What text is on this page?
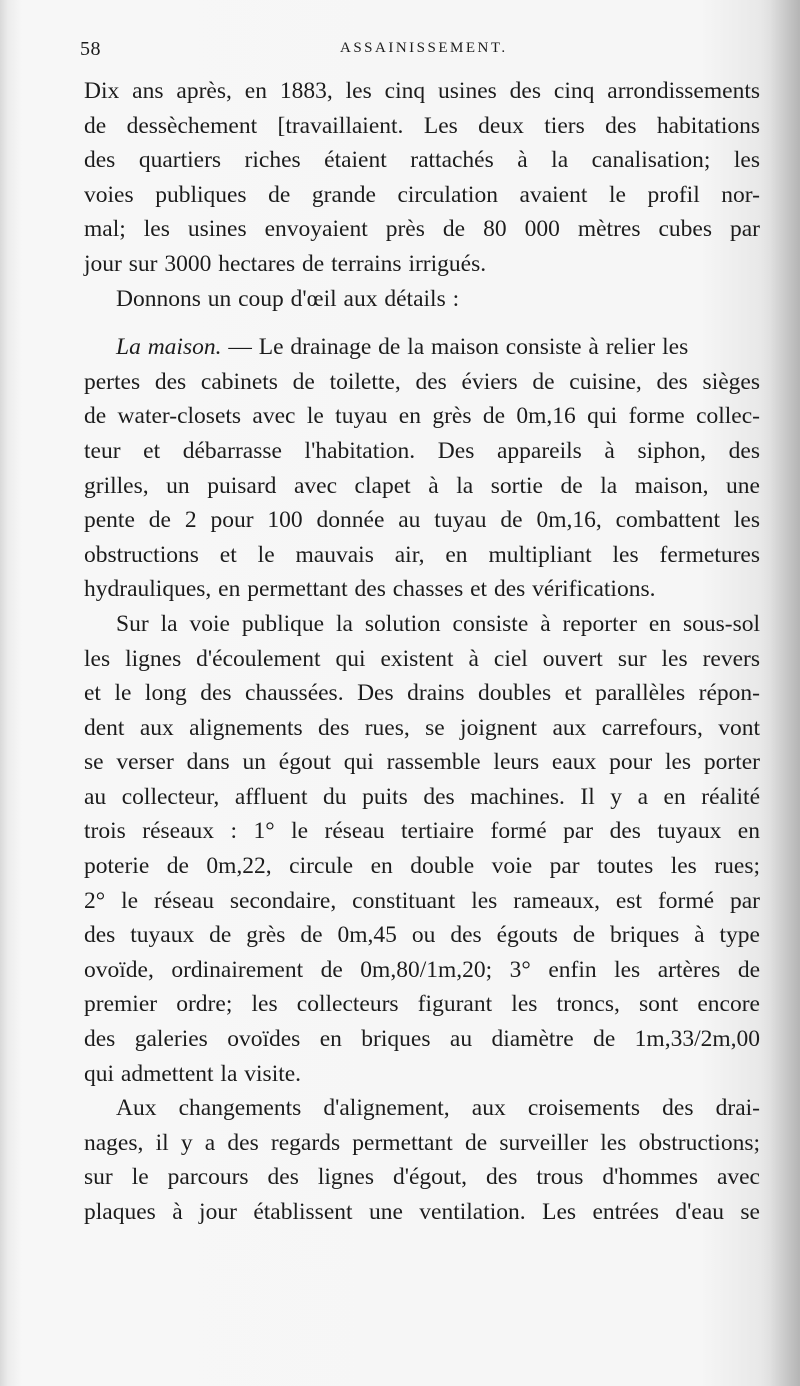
58	ASSAINISSEMENT.
Dix ans après, en 1883, les cinq usines des cinq arrondissements
de dessèchement [travaillaient. Les deux tiers des habitations
des quartiers riches étaient rattachés à la canalisation; les
voies publiques de grande circulation avaient le profil nor-
mal; les usines envoyaient près de 80 000 mètres cubes par
jour sur 3000 hectares de terrains irrigués.
Donnons un coup d'œil aux détails :
La maison. — Le drainage de la maison consiste à relier les
pertes des cabinets de toilette, des éviers de cuisine, des sièges
de water-closets avec le tuyau en grès de 0m,16 qui forme collec-
teur et débarrasse l'habitation. Des appareils à siphon, des
grilles, un puisard avec clapet à la sortie de la maison, une
pente de 2 pour 100 donnée au tuyau de 0m,16, combattent les
obstructions et le mauvais air, en multipliant les fermetures
hydrauliques, en permettant des chasses et des vérifications.
Sur la voie publique la solution consiste à reporter en sous-sol
les lignes d'écoulement qui existent à ciel ouvert sur les revers
et le long des chaussées. Des drains doubles et parallèles répon-
dent aux alignements des rues, se joignent aux carrefours, vont
se verser dans un égout qui rassemble leurs eaux pour les porter
au collecteur, affluent du puits des machines. Il y a en réalité
trois réseaux : 1° le réseau tertiaire formé par des tuyaux en
poterie de 0m,22, circule en double voie par toutes les rues;
2° le réseau secondaire, constituant les rameaux, est formé par
des tuyaux de grès de 0m,45 ou des égouts de briques à type
ovoïde, ordinairement de 0m,80/1m,20; 3° enfin les artères de
premier ordre; les collecteurs figurant les troncs, sont encore
des galeries ovoïdes en briques au diamètre de 1m,33/2m,00
qui admettent la visite.
Aux changements d'alignement, aux croisements des drai-
nages, il y a des regards permettant de surveiller les obstructions;
sur le parcours des lignes d'égout, des trous d'hommes avec
plaques à jour établissent une ventilation. Les entrées d'eau se
